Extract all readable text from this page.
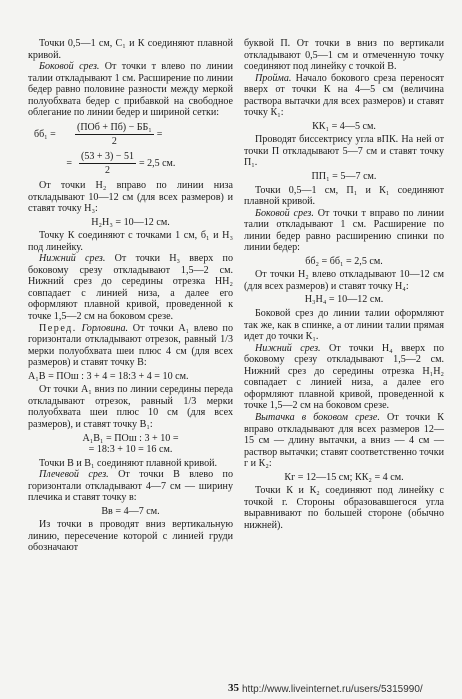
Точки 0,5—1 см, С₁ и К соединяют плавной кривой.

Боковой срез. От точки т влево по линии талии откладывают 1 см. Расширение по линии бедер равно половине разности между меркой полуобхвата бедер с прибавкой на свободное облегание по линии бедер и шириной сетки:

бб₁ =	$\frac{\text{(ПОб + Пб) − ББ₁}}{2}$ =
= $\frac{(53 + 3) - 51}{2} = 2,5$ см.

От точки Н₂ вправо по линии низа откладывают 10—12 см (для всех размеров) и ставят точку Н₃:

Н₂Н₃ = 10—12 см.

Точку К соединяют с точками 1 см, б₁ и Н₃ под линейку.

Нижний срез. От точки Н₃ вверх по боковому срезу откладывают 1,5—2 см. Нижний срез до середины отрезка НН₂ совпадает с линией низа, а далее его оформляют плавной кривой, проведенной к точке 1,5—2 см на боковом срезе.

Перед. Горловина. От точки А₁ влево по горизонтали откладывают отрезок, равный 1/3 мерки полуобхвата шеи плюс 4 см (для всех размеров) и ставят точку В:

А₁В = ПОш : 3 + 4 = 18:3 + 4 = 10 см.

От точки А₁ вниз по линии середины переда откладывают отрезок, равный 1/3 мерки полуобхвата шеи плюс 10 см (для всех размеров), и ставят точку В₁:

А₁В₁ = ПОш : 3 + 10 =
= 18:3 + 10 = 16 см.

Точки В и В₁ соединяют плавной кривой.

Плечевой срез. От точки В влево по горизонтали откладывают 4—7 см — ширину плечика и ставят точку в:

Вв = 4—7 см.

Из точки в проводят вниз вертикальную линию, пересечение которой с линией груди обозначают

буквой П. От точки в вниз по вертикали откладывают 0,5—1 см и отмеченную точку соединяют под линейку с точкой В.

Пройма. Начало бокового среза переносят вверх от точки К на 4—5 см (величина раствора вытачки для всех размеров) и ставят точку К₁:

КК₁ = 4—5 см.

Проводят биссектрису угла вПК. На ней от точки П откладывают 5—7 см и ставят точку П₁.

ПП₁ = 5—7 см.

Точки 0,5—1 см, П₁ и К₁ соединяют плавной кривой.

Боковой срез. От точки т вправо по линии талии откладывают 1 см. Расширение по линии бедер равно расширению спинки по линии бедер:

бб₂ = бб₁ = 2,5 см.

От точки Н₂ влево откладывают 10—12 см (для всех размеров) и ставят точку Н₄:

Н₃Н₄ = 10—12 см.

Боковой срез до линии талии оформляют так же, как в спинке, а от линии талии прямая идет до точки К₁.

Нижний срез. От точки Н₄ вверх по боковому срезу откладывают 1,5—2 см. Нижний срез до середины отрезка Н₁Н₂ совпадает с линией низа, а далее его оформляют плавной кривой, проведенной к точке 1,5—2 см на боковом срезе.

Вытачка в боковом срезе. От точки К вправо откладывают для всех размеров 12—15 см — длину вытачки, а вниз — 4 см — раствор вытачки; ставят соответственно точки г и К₂:

Кг = 12—15 см; КК₂ = 4 см.

Точки К и К₂ соединяют под линейку с точкой г. Стороны образовавшегося угла выравнивают по большей стороне (обычно нижней).

35 http://www.liveinternet.ru/users/5315990/
